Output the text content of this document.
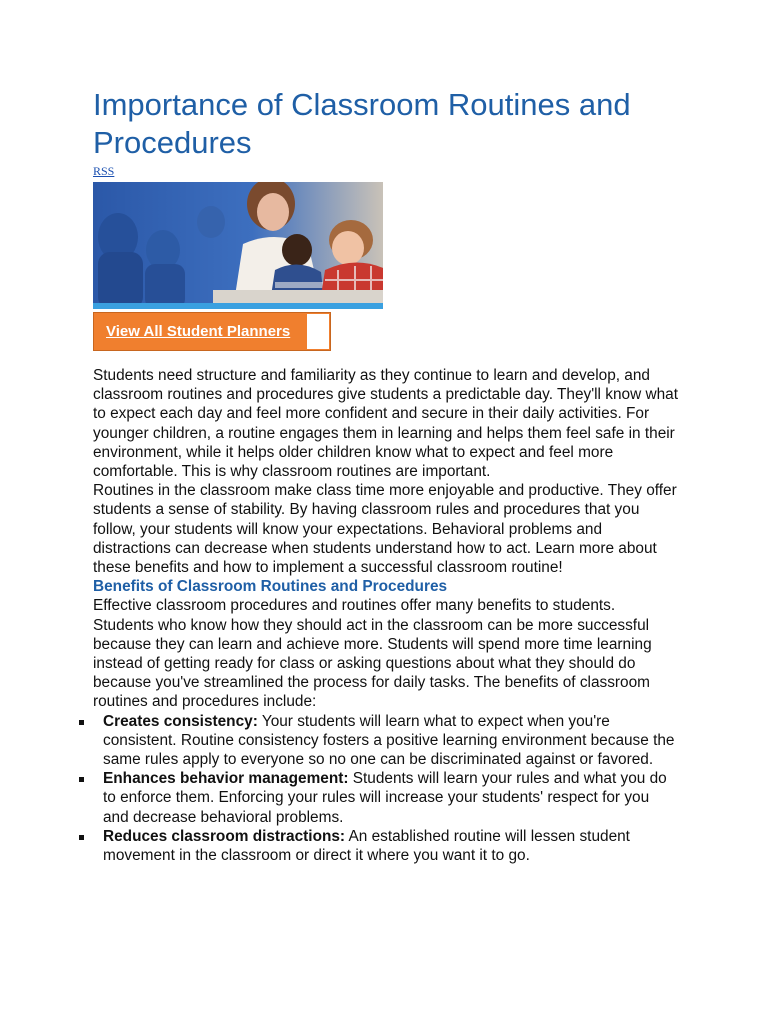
Importance of Classroom Routines and Procedures
RSS
View All Student Planners

Students need structure and familiarity as they continue to learn and develop, and classroom routines and procedures give students a predictable day. They'll know what to expect each day and feel more confident and secure in their daily activities. For younger children, a routine engages them in learning and helps them feel safe in their environment, while it helps older children know what to expect and feel more comfortable. This is why classroom routines are important.

Routines in the classroom make class time more enjoyable and productive. They offer students a sense of stability. By having classroom rules and procedures that you follow, your students will know your expectations. Behavioral problems and distractions can decrease when students understand how to act. Learn more about these benefits and how to implement a successful classroom routine!

Benefits of Classroom Routines and Procedures

Effective classroom procedures and routines offer many benefits to students. Students who know how they should act in the classroom can be more successful because they can learn and achieve more. Students will spend more time learning instead of getting ready for class or asking questions about what they should do because you've streamlined the process for daily tasks. The benefits of classroom routines and procedures include:

Creates consistency: Your students will learn what to expect when you're consistent. Routine consistency fosters a positive learning environment because the same rules apply to everyone so no one can be discriminated against or favored.
Enhances behavior management: Students will learn your rules and what you do to enforce them. Enforcing your rules will increase your students' respect for you and decrease behavioral problems.
Reduces classroom distractions: An established routine will lessen student movement in the classroom or direct it where you want it to go.
